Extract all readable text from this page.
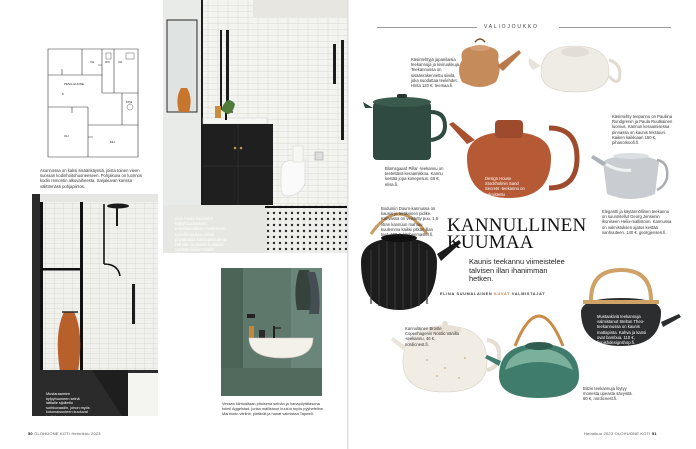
WC
VH	VH
PESU-HUONE
K
KPH
OH
MH
Asunnossa on kaksi sisäänkäyntiä, joista toinen vieen suoraan kodinhoitohuoneeseen. Pohjakuva on luonnos kodin remontin alkuvaiheesta. Sarjakuvan kanssa välittömästi pohjapiirros.
Gee Kasia kuuntelet kylpyhuoneeseen erikoisasusteen modernein tyyleillä taakse pitkää pöytäkatoa kokonaisuutena. Nähtää rautainen kuitaisat vaalean kivien sisälle hiljaisuuteen moderniin puutteen.
Mustaraamien kylpyhuoneen seinä lattialle sijoitettu suihkuvaadin, johon myös kokonaisuuteen kuuluvat kodinkoneet.
Vessan kiintoaltaan pituisena seinän ja hanapöytätasona toimii Aggelstad, jonka mallistoon kuuluu myös pyyheteline. Marmorin vitriinit, piirtävät ja hanat valmistaa Tapwell.
50 OLOHUONE KOTI Helmikuu 2023
VALIOJOUKKO
Käsintehtyjä japanilaisia teekannuja ja kiviruukkuja. Teekannussa on sisäänrakennettu siivilä, joka suodattaa teelehdet. Hinta 120 €, teemaa.fi.
Käsintehty teepannu on Pauliina Rundgrenin ja Paula Ruutkainen luomus. Kannun keraamisessa pinnassa on kaunis tekstuuri. Kaiken kaikkiaan 150 €, pihanorkoofi.fi.
Blomsgaard Pillar -teekannu on teetettävä keraamikkoa. Kannu kestää jopa konepesun. 66 €, elisa.fi.
Design House Stockholmin Sand Secrets -teekannu on valmistettu kiviaineskeraamista kivitavarasta. 98 €, royaldesign.fi.	Elegantti ja käytännöllinen teekannu on suunnitellut Georg Jensenin ikoniseen Helix-mallistoon. Kannussa on valmistuksen ajatus kestää vanhuuteen. 140 €, georgjensen.fi.
Bodumin Douro-kannussa on kaunis ja teräksinen pidike. Kahvassa on veistetty puu. 1,5 litran kannuun mahtuu kuulemma kaikki pitkän illan teet. 100 €, kitchenmaster.fi.
Kannuläinen Broste Copenhagenin Nordic Vanilla -teekannu, 46 €, nordicnest.fi.
Bitzin teekannuja löytyy monesta upeasta sävyistä. 60 €, nordicnest.fi.
Mustaakiviä teekannuja valmistanut Stelton Theo-teekannussa on kaunis mattapinta. Kahva ja kansi ovat bambua. 110 €, finnishdesignshop.fi.
KANNULLINEN KUUMAA
Kaunis teekannu viimeistelee talvisen illan ihanimman hetken.
ELINA SUUMALAINEN KUVAT VALMISTAJAT
Helmikuu 2023 OLOHUONE KOTI 51
